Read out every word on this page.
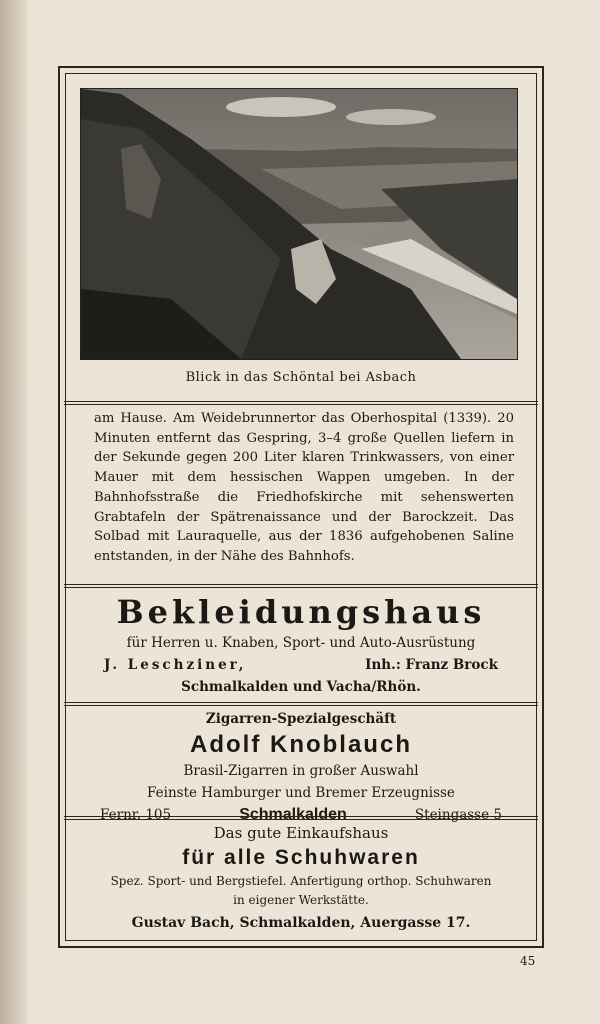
Blick in das Schöntal bei Asbach

am Hause. Am Weidebrunnertor das Oberhospital (1339). 20 Minuten entfernt das Gespring, 3–4 große Quellen liefern in der Sekunde gegen 200 Liter klaren Trinkwassers, von einer Mauer mit dem hessischen Wappen umgeben. In der Bahnhofsstraße die Friedhofskirche mit sehenswerten Grabtafeln der Spätrenaissance und der Barockzeit. Das Solbad mit Lauraquelle, aus der 1836 aufgehobenen Saline entstanden, in der Nähe des Bahnhofs.

Bekleidungshaus

für Herren u. Knaben, Sport- und Auto-Ausrüstung

J. Leschziner,	Inh.: Franz Brock

Schmalkalden und Vacha/Rhön.

Zigarren-Spezialgeschäft

Adolf Knoblauch

Brasil-Zigarren in großer Auswahl

Feinste Hamburger und Bremer Erzeugnisse

Fernr. 105	Schmalkalden	Steingasse 5

Das gute Einkaufshaus

für alle Schuhwaren

Spez. Sport- und Bergstiefel. Anfertigung orthop. Schuhwaren

in eigener Werkstätte.

Gustav Bach, Schmalkalden, Auergasse 17.

45
